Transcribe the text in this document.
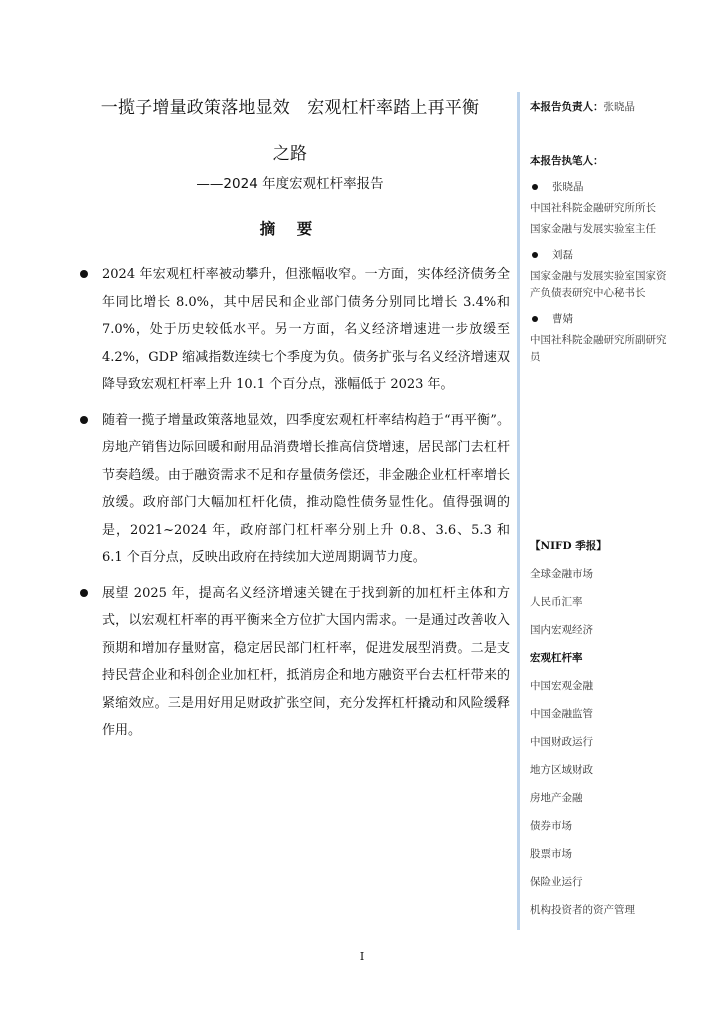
一揽子增量政策落地显效　宏观杠杆率踏上再平衡
之路
——2024 年度宏观杠杆率报告
摘 要
2024 年宏观杠杆率被动攀升，但涨幅收窄。一方面，实体经济债务全年同比增长 8.0%，其中居民和企业部门债务分别同比增长 3.4%和 7.0%，处于历史较低水平。另一方面，名义经济增速进一步放缓至 4.2%，GDP 缩减指数连续七个季度为负。债务扩张与名义经济增速双降导致宏观杠杆率上升 10.1 个百分点，涨幅低于 2023 年。
随着一揽子增量政策落地显效，四季度宏观杠杆率结构趋于“再平衡”。房地产销售边际回暖和耐用品消费增长推高信贷增速，居民部门去杠杆节奏趋缓。由于融资需求不足和存量债务偿还，非金融企业杠杆率增长放缓。政府部门大幅加杠杆化债，推动隐性债务显性化。值得强调的是，2021~2024 年，政府部门杠杆率分别上升 0.8、3.6、5.3 和 6.1 个百分点，反映出政府在持续加大逆周期调节力度。
展望 2025 年，提高名义经济增速关键在于找到新的加杠杆主体和方式，以宏观杠杆率的再平衡来全方位扩大国内需求。一是通过改善收入预期和增加存量财富，稳定居民部门杠杆率，促进发展型消费。二是支持民营企业和科创企业加杠杆，抵消房企和地方融资平台去杠杆带来的紧缩效应。三是用好用足财政扩张空间，充分发挥杠杆撬动和风险缓释作用。
本报告负责人：张晓晶
本报告执笔人：
张晓晶
中国社科院金融研究所所长
国家金融与发展实验室主任
刘磊
国家金融与发展实验室国家资产负债表研究中心秘书长
曹婧
中国社科院金融研究所副研究员
【NIFD 季报】
全球金融市场
人民币汇率
国内宏观经济
宏观杠杆率
中国宏观金融
中国金融监管
中国财政运行
地方区域财政
房地产金融
债券市场
股票市场
保险业运行
机构投资者的资产管理
I
